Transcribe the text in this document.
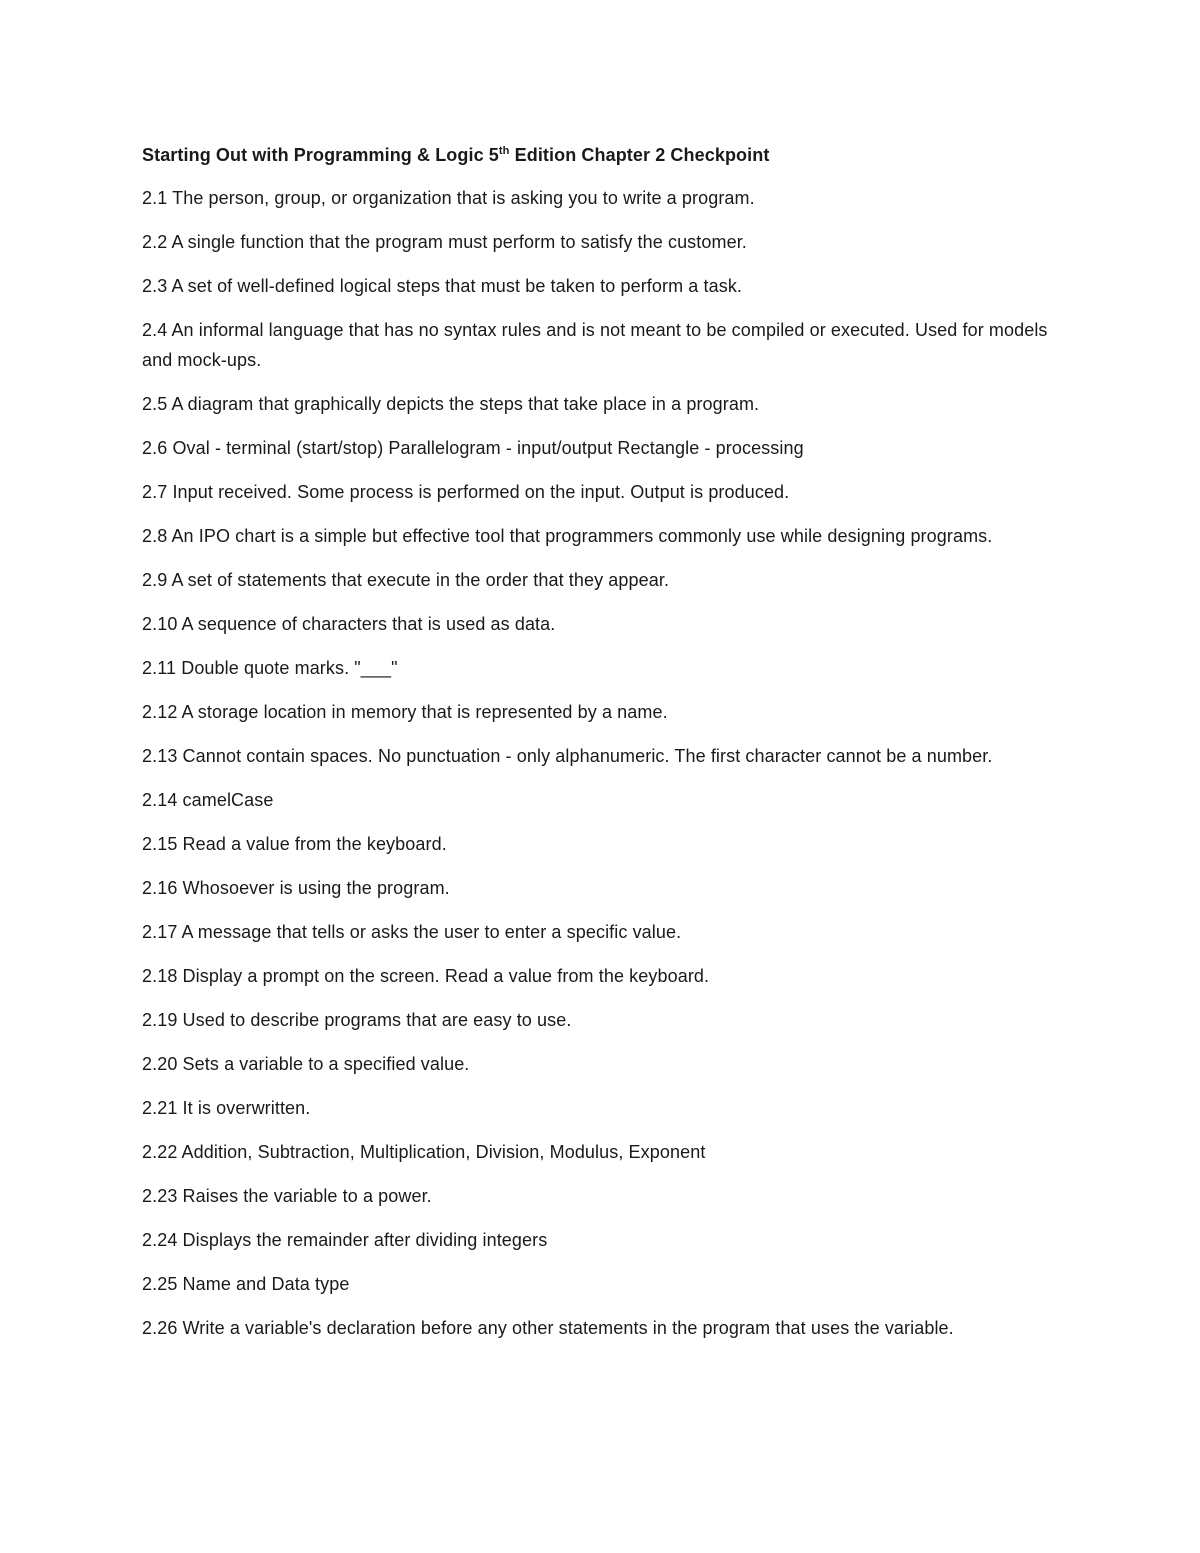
Starting Out with Programming & Logic 5th Edition Chapter 2 Checkpoint

2.1 The person, group, or organization that is asking you to write a program.

2.2 A single function that the program must perform to satisfy the customer.

2.3 A set of well-defined logical steps that must be taken to perform a task.

2.4 An informal language that has no syntax rules and is not meant to be compiled or executed. Used for models and mock-ups.

2.5 A diagram that graphically depicts the steps that take place in a program.

2.6 Oval - terminal (start/stop) Parallelogram - input/output Rectangle - processing

2.7 Input received. Some process is performed on the input. Output is produced.

2.8 An IPO chart is a simple but effective tool that programmers commonly use while designing programs.

2.9 A set of statements that execute in the order that they appear.

2.10 A sequence of characters that is used as data.

2.11 Double quote marks. "___"

2.12 A storage location in memory that is represented by a name.

2.13 Cannot contain spaces. No punctuation - only alphanumeric. The first character cannot be a number.

2.14 camelCase

2.15 Read a value from the keyboard.

2.16 Whosoever is using the program.

2.17 A message that tells or asks the user to enter a specific value.

2.18 Display a prompt on the screen. Read a value from the keyboard.

2.19 Used to describe programs that are easy to use.

2.20 Sets a variable to a specified value.

2.21 It is overwritten.

2.22 Addition, Subtraction, Multiplication, Division, Modulus, Exponent

2.23 Raises the variable to a power.

2.24 Displays the remainder after dividing integers

2.25 Name and Data type

2.26 Write a variable's declaration before any other statements in the program that uses the variable.
